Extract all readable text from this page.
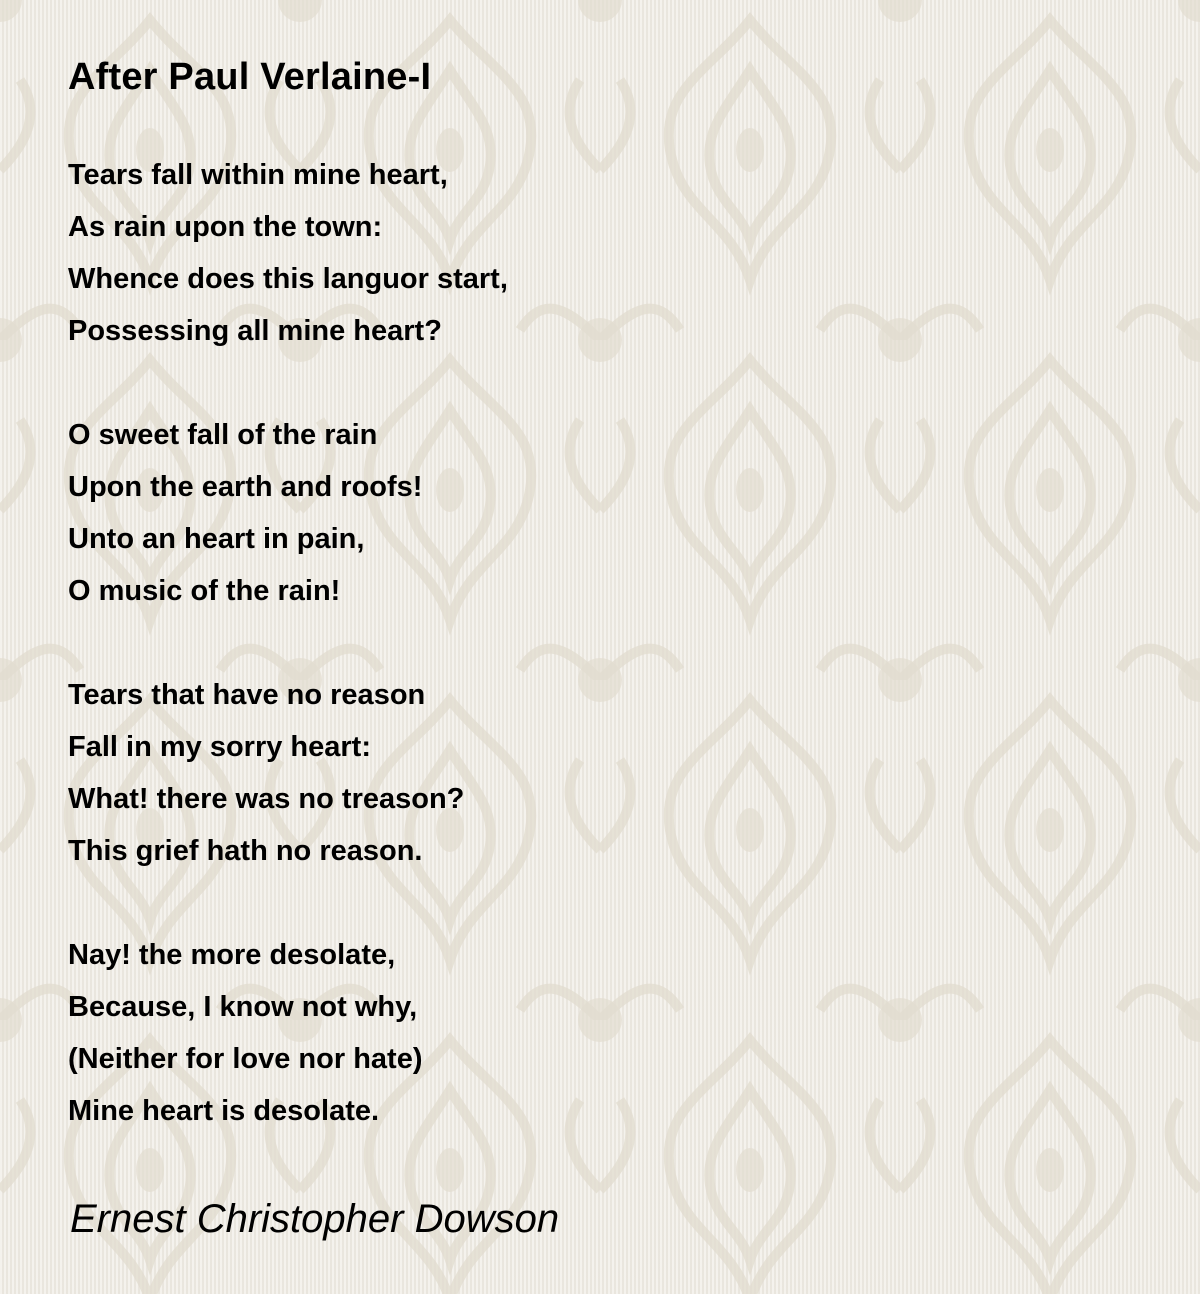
After Paul Verlaine-I
Tears fall within mine heart,
As rain upon the town:
Whence does this languor start,
Possessing all mine heart?
O sweet fall of the rain
Upon the earth and roofs!
Unto an heart in pain,
O music of the rain!
Tears that have no reason
Fall in my sorry heart:
What! there was no treason?
This grief hath no reason.
Nay! the more desolate,
Because, I know not why,
(Neither for love nor hate)
Mine heart is desolate.
Ernest Christopher Dowson
